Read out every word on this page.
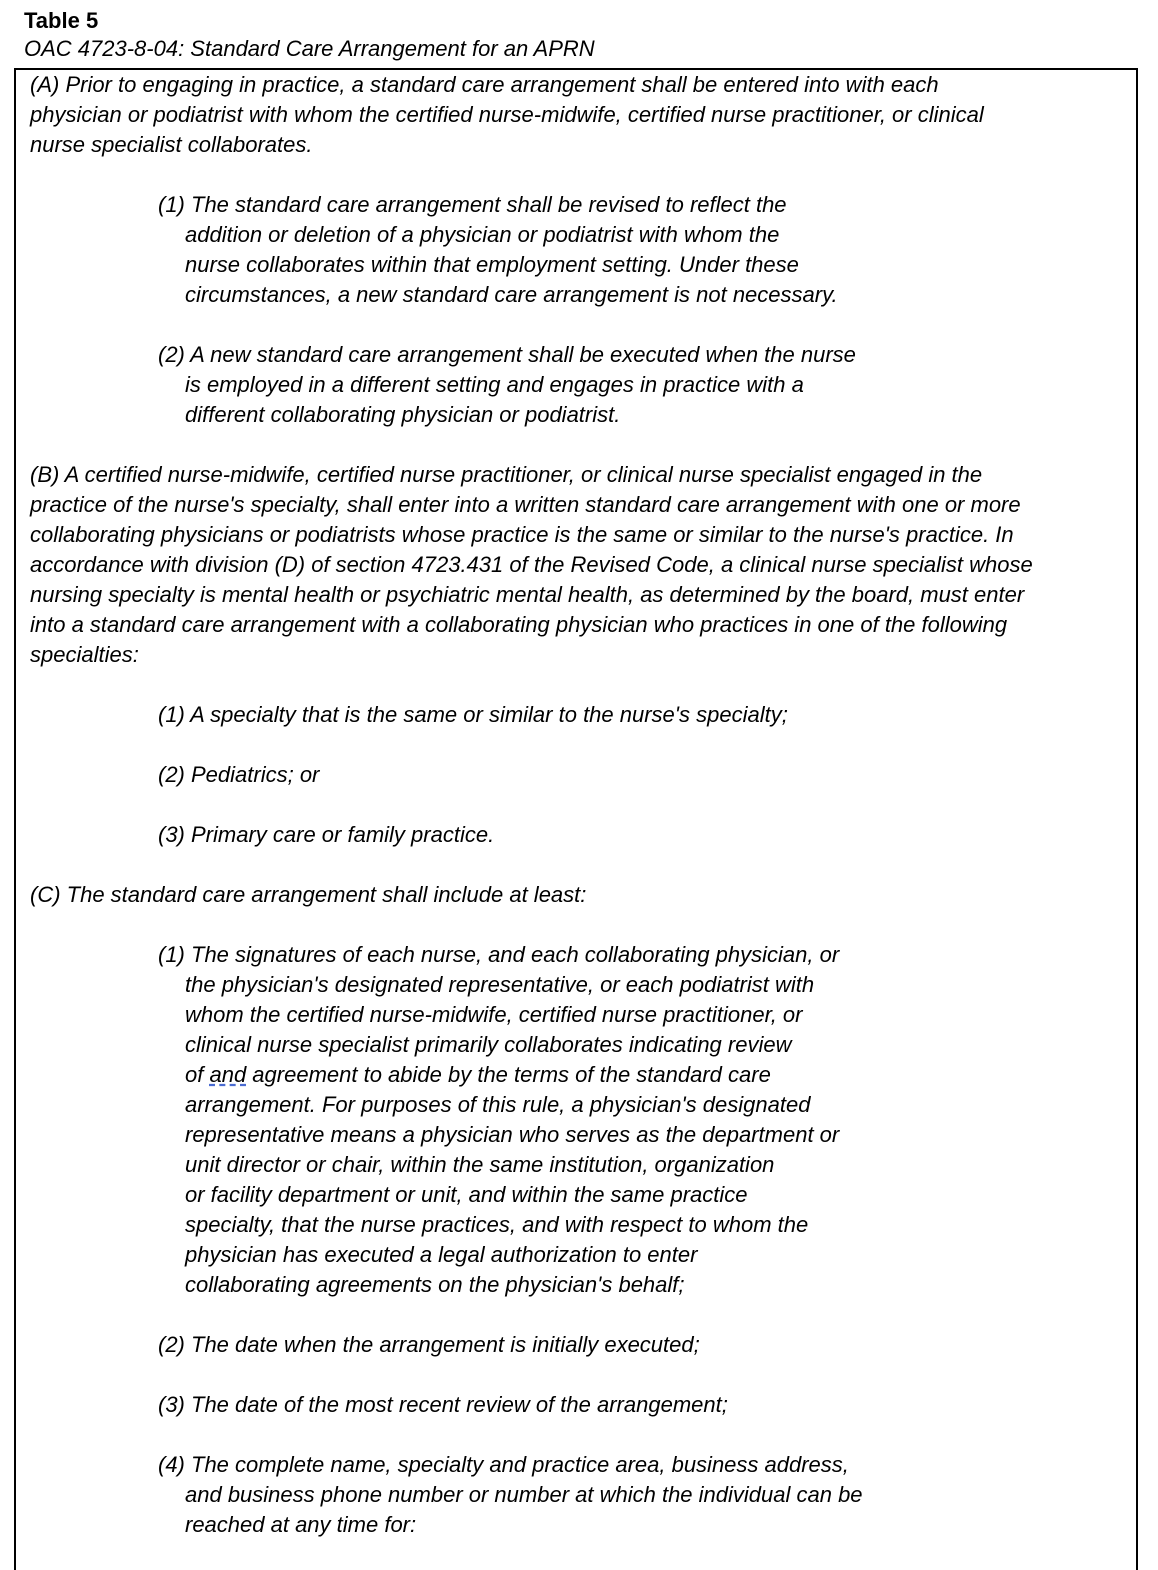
Table 5
OAC 4723-8-04: Standard Care Arrangement for an APRN
(A) Prior to engaging in practice, a standard care arrangement shall be entered into with each
physician or podiatrist with whom the certified nurse-midwife, certified nurse practitioner, or clinical
nurse specialist collaborates.
(1) The standard care arrangement shall be revised to reflect the
addition or deletion of a physician or podiatrist with whom the
nurse collaborates within that employment setting. Under these
circumstances, a new standard care arrangement is not necessary.
(2) A new standard care arrangement shall be executed when the nurse
is employed in a different setting and engages in practice with a
different collaborating physician or podiatrist.
(B) A certified nurse-midwife, certified nurse practitioner, or clinical nurse specialist engaged in the
practice of the nurse's specialty, shall enter into a written standard care arrangement with one or more
collaborating physicians or podiatrists whose practice is the same or similar to the nurse's practice. In
accordance with division (D) of section 4723.431 of the Revised Code, a clinical nurse specialist whose
nursing specialty is mental health or psychiatric mental health, as determined by the board, must enter
into a standard care arrangement with a collaborating physician who practices in one of the following
specialties:
(1) A specialty that is the same or similar to the nurse's specialty;
(2) Pediatrics; or
(3) Primary care or family practice.
(C) The standard care arrangement shall include at least:
(1) The signatures of each nurse, and each collaborating physician, or
the physician's designated representative, or each podiatrist with
whom the certified nurse-midwife, certified nurse practitioner, or
clinical nurse specialist primarily collaborates indicating review
of and agreement to abide by the terms of the standard care
arrangement. For purposes of this rule, a physician's designated
representative means a physician who serves as the department or
unit director or chair, within the same institution, organization
or facility department or unit, and within the same practice
specialty, that the nurse practices, and with respect to whom the
physician has executed a legal authorization to enter
collaborating agreements on the physician's behalf;
(2) The date when the arrangement is initially executed;
(3) The date of the most recent review of the arrangement;
(4) The complete name, specialty and practice area, business address,
and business phone number or number at which the individual can be
reached at any time for:
